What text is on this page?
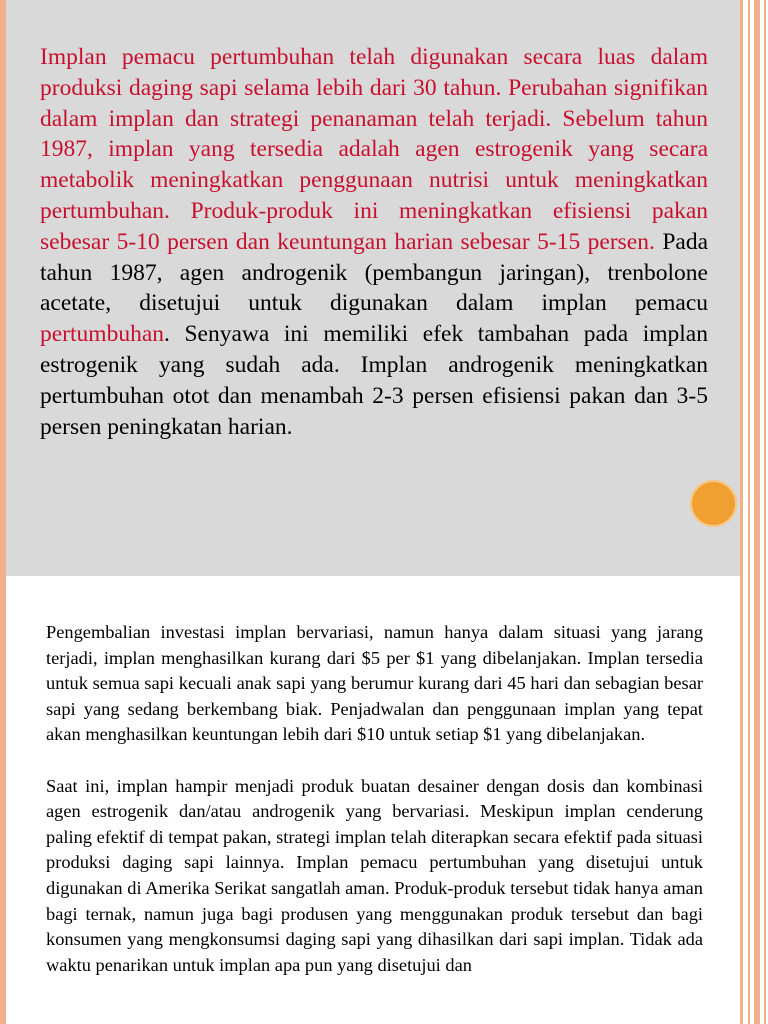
Implan pemacu pertumbuhan telah digunakan secara luas dalam produksi daging sapi selama lebih dari 30 tahun. Perubahan signifikan dalam implan dan strategi penanaman telah terjadi. Sebelum tahun 1987, implan yang tersedia adalah agen estrogenik yang secara metabolik meningkatkan penggunaan nutrisi untuk meningkatkan pertumbuhan. Produk-produk ini meningkatkan efisiensi pakan sebesar 5-10 persen dan keuntungan harian sebesar 5-15 persen. Pada tahun 1987, agen androgenik (pembangun jaringan), trenbolone acetate, disetujui untuk digunakan dalam implan pemacu pertumbuhan. Senyawa ini memiliki efek tambahan pada implan estrogenik yang sudah ada. Implan androgenik meningkatkan pertumbuhan otot dan menambah 2-3 persen efisiensi pakan dan 3-5 persen peningkatan harian.

Pengembalian investasi implan bervariasi, namun hanya dalam situasi yang jarang terjadi, implan menghasilkan kurang dari $5 per $1 yang dibelanjakan. Implan tersedia untuk semua sapi kecuali anak sapi yang berumur kurang dari 45 hari dan sebagian besar sapi yang sedang berkembang biak. Penjadwalan dan penggunaan implan yang tepat akan menghasilkan keuntungan lebih dari $10 untuk setiap $1 yang dibelanjakan.

Saat ini, implan hampir menjadi produk buatan desainer dengan dosis dan kombinasi agen estrogenik dan/atau androgenik yang bervariasi. Meskipun implan cenderung paling efektif di tempat pakan, strategi implan telah diterapkan secara efektif pada situasi produksi daging sapi lainnya. Implan pemacu pertumbuhan yang disetujui untuk digunakan di Amerika Serikat sangatlah aman. Produk-produk tersebut tidak hanya aman bagi ternak, namun juga bagi produsen yang menggunakan produk tersebut dan bagi konsumen yang mengkonsumsi daging sapi yang dihasilkan dari sapi implan. Tidak ada waktu penarikan untuk implan apa pun yang disetujui dan
